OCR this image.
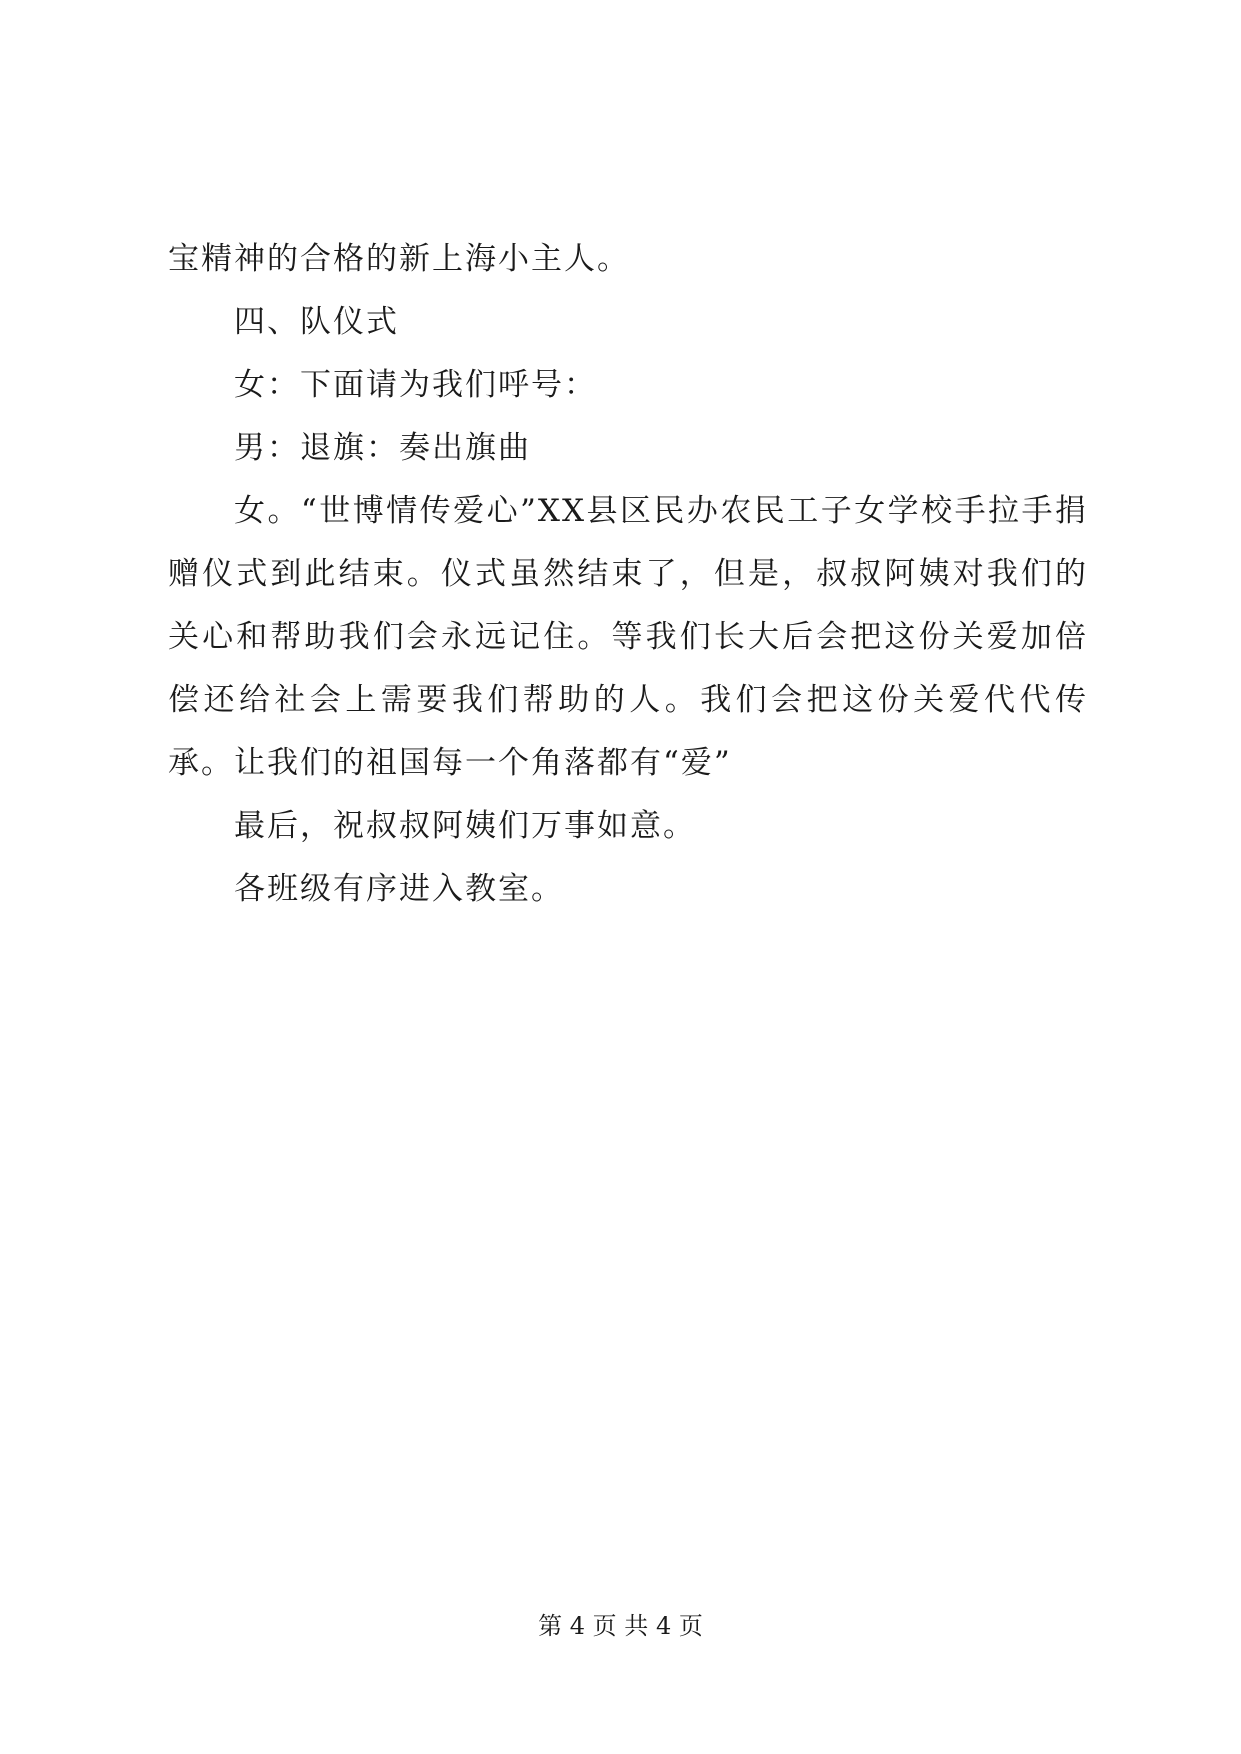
宝精神的合格的新上海小主人。

四、队仪式

女：下面请为我们呼号：

男：退旗：奏出旗曲

女。“世博情传爱心”XX县区民办农民工子女学校手拉手捐赠仪式到此结束。仪式虽然结束了，但是，叔叔阿姨对我们的关心和帮助我们会永远记住。等我们长大后会把这份关爱加倍偿还给社会上需要我们帮助的人。我们会把这份关爱代代传承。让我们的祖国每一个角落都有“爱”

最后，祝叔叔阿姨们万事如意。

各班级有序进入教室。

第 4 页 共 4 页
